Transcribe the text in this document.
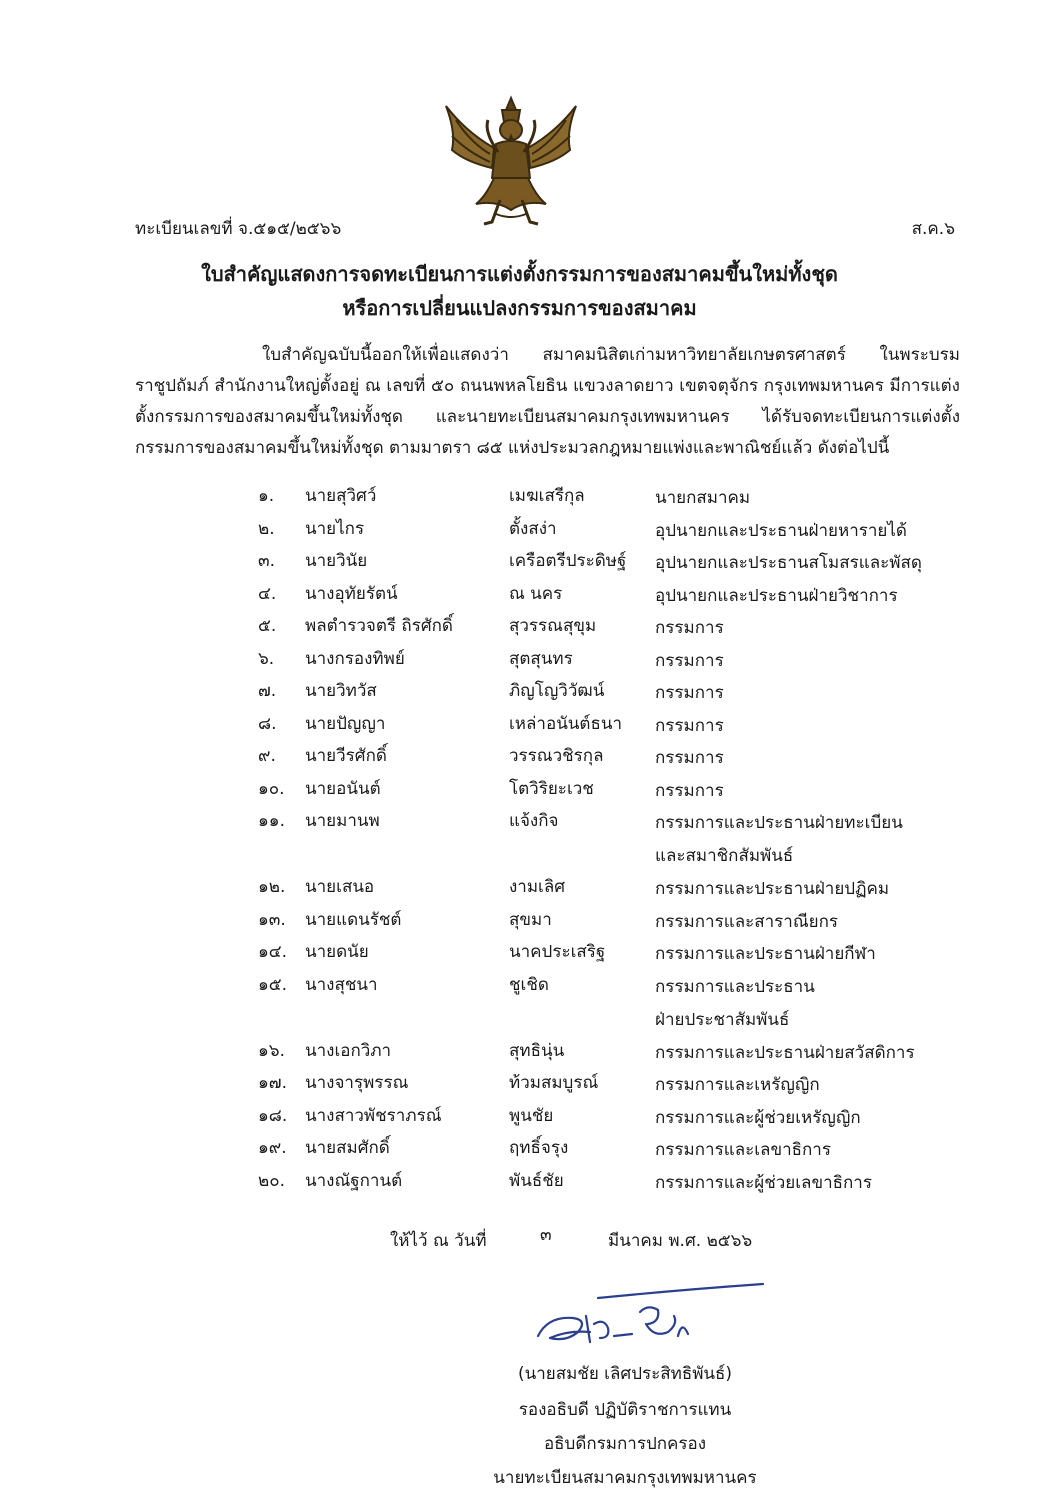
ทะเบียนเลขที่ จ.๕๑๕/๒๕๖๖	ส.ค.๖
ใบสำคัญแสดงการจดทะเบียนการแต่งตั้งกรรมการของสมาคมขึ้นใหม่ทั้งชุด
หรือการเปลี่ยนแปลงกรรมการของสมาคม
ใบสำคัญฉบับนี้ออกให้เพื่อแสดงว่า สมาคมนิสิตเก่ามหาวิทยาลัยเกษตรศาสตร์ ในพระบรมราชูปถัมภ์ สำนักงานใหญ่ตั้งอยู่ ณ เลขที่ ๕๐ ถนนพหลโยธิน แขวงลาดยาว เขตจตุจักร กรุงเทพมหานคร มีการแต่งตั้งกรรมการของสมาคมขึ้นใหม่ทั้งชุด และนายทะเบียนสมาคมกรุงเทพมหานคร ได้รับจดทะเบียนการแต่งตั้งกรรมการของสมาคมขึ้นใหม่ทั้งชุด ตามมาตรา ๘๕ แห่งประมวลกฎหมายแพ่งและพาณิชย์แล้ว ดังต่อไปนี้
๑. นายสุวิศว์	เมฆเสรีกุล	นายกสมาคม
๒. นายไกร	ตั้งสง่า	อุปนายกและประธานฝ่ายหารายได้
๓. นายวินัย	เครือตรีประดิษฐ์ อุปนายกและประธานสโมสรและพัสดุ
๔. นางอุทัยรัตน์	ณ นคร	อุปนายกและประธานฝ่ายวิชาการ
๕. พลตำรวจตรี ถิรศักดิ์	สุวรรณสุขุม	กรรมการ
๖. นางกรองทิพย์	สุตสุนทร	กรรมการ
๗. นายวิทวัส	ภิญโญวิวัฒน์	กรรมการ
๘. นายปัญญา	เหล่าอนันต์ธนา กรรมการ
๙. นายวีรศักดิ์	วรรณวชิรกุล	กรรมการ
๑๐. นายอนันต์	โตวิริยะเวช	กรรมการ
๑๑. นายมานพ	แจ้งกิจ	กรรมการและประธานฝ่ายทะเบียน
และสมาชิกสัมพันธ์
๑๒. นายเสนอ	งามเลิศ	กรรมการและประธานฝ่ายปฏิคม
๑๓. นายแดนรัชต์	สุขมา	กรรมการและสาราณียกร
๑๔. นายดนัย	นาคประเสริฐ	กรรมการและประธานฝ่ายกีฬา
๑๕. นางสุชนา	ชูเชิด	กรรมการและประธาน
ฝ่ายประชาสัมพันธ์
๑๖. นางเอกวิภา	สุทธินุ่น	กรรมการและประธานฝ่ายสวัสดิการ
๑๗. นางจารุพรรณ	ท้วมสมบูรณ์	กรรมการและเหรัญญิก
๑๘. นางสาวพัชราภรณ์	พูนชัย	กรรมการและผู้ช่วยเหรัญญิก
๑๙. นายสมศักดิ์	ฤทธิ์จรุง	กรรมการและเลขาธิการ
๒๐. นางณัฐกานต์	พันธ์ชัย	กรรมการและผู้ช่วยเลขาธิการ
ให้ไว้ ณ วันที่	๓	มีนาคม พ.ศ. ๒๕๖๖
(นายสมชัย เลิศประสิทธิพันธ์)
รองอธิบดี ปฏิบัติราชการแทน
อธิบดีกรมการปกครอง
นายทะเบียนสมาคมกรุงเทพมหานคร
